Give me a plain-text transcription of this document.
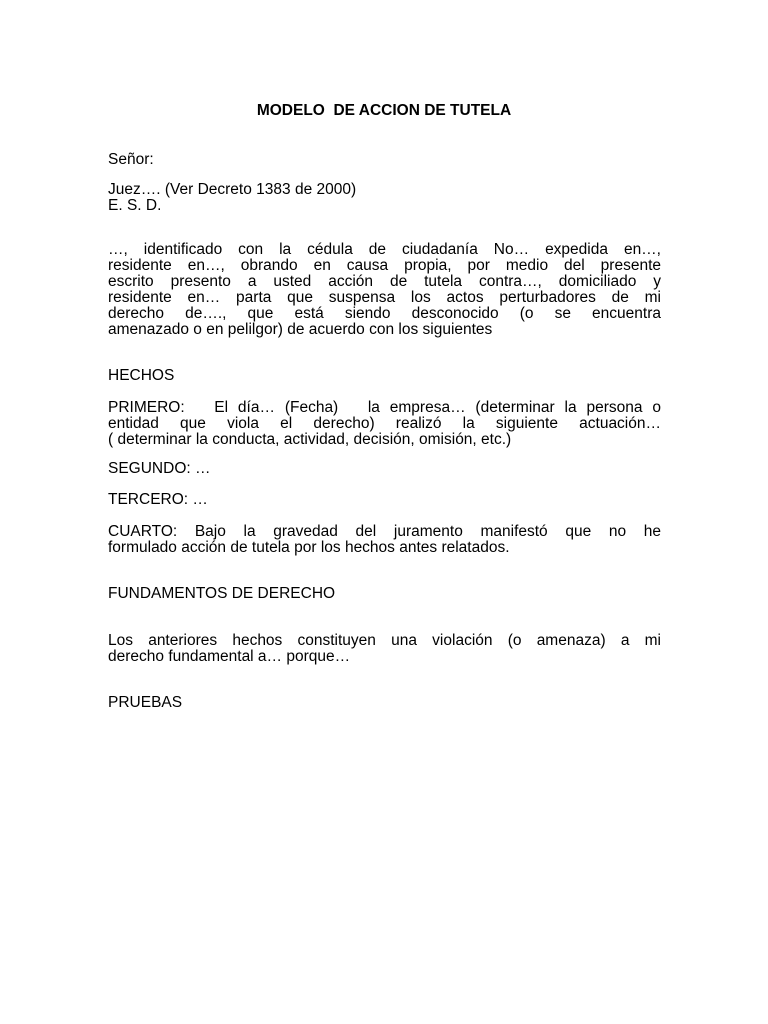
MODELO  DE ACCION DE TUTELA
Señor:
Juez…. (Ver Decreto 1383 de 2000)
E. S. D.
…, identificado con la cédula de ciudadanía No… expedida en…,
residente en…, obrando en causa propia, por medio del presente
escrito presento a usted acción de tutela contra…, domiciliado y
residente en… parta que suspensa los actos perturbadores de mi
derecho de…., que está siendo desconocido (o se encuentra
amenazado o en pelilgor) de acuerdo con los siguientes
HECHOS
PRIMERO:   El día… (Fecha)   la empresa… (determinar la persona o
entidad que viola el derecho) realizó la siguiente actuación…
( determinar la conducta, actividad, decisión, omisión, etc.)
SEGUNDO: …
TERCERO: …
CUARTO: Bajo la gravedad del juramento manifestó que no he
formulado acción de tutela por los hechos antes relatados.
FUNDAMENTOS DE DERECHO
Los anteriores hechos constituyen una violación (o amenaza) a mi
derecho fundamental a… porque…
PRUEBAS
